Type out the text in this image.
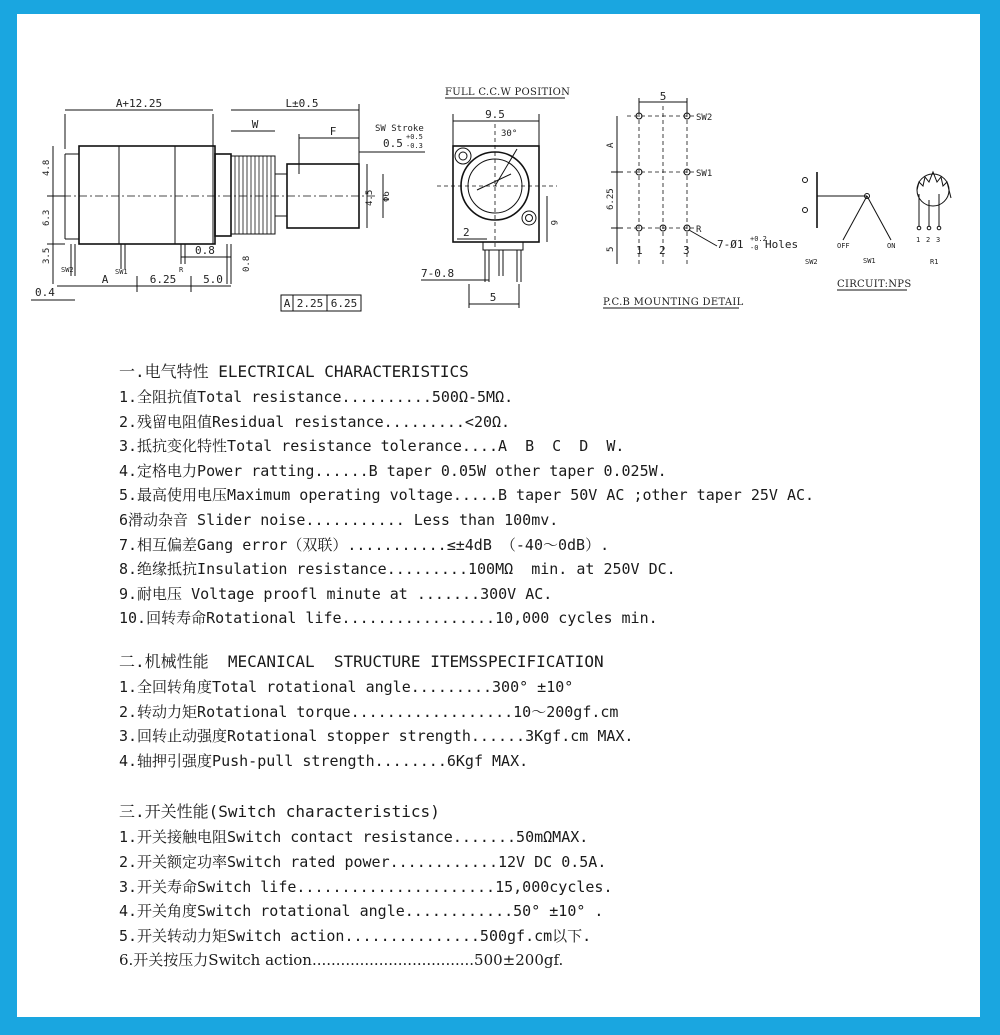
A+12.25	L±0.5
W
F	SW Stroke
+0.5
0.5 -0.3
4.5 Φ6
4.8
6.3
3.5
SW2	SW1	R
0.8
0.8
A	6.25 5.0
0.4
A 2.25 6.25
FULL C.C.W POSITION
9.5
30°
6
2
7-0.8
5
5
A
6.25
5
SW2
SW1
R
1 2 3 7-Ø1 +0.2
-0 Holes
P.C.B MOUNTING DETAIL
OFF	ON
SW2	SW1
1 2 3
R1
CIRCUIT:NPS
一.电气特性 ELECTRICAL CHARACTERISTICS
1.全阻抗值Total resistance..........500Ω-5MΩ.
2.残留电阻值Residual resistance.........<20Ω.
3.抵抗变化特性Total resistance tolerance....A  B  C  D  W.
4.定格电力Power ratting......B taper 0.05W other taper 0.025W.
5.最高使用电压Maximum operating voltage.....B taper 50V AC ;other taper 25V AC.
6滑动杂音 Slider noise........... Less than 100mv.
7.相互偏差Gang error（双联）...........≤±4dB （-40～0dB）.
8.绝缘抵抗Insulation resistance.........100MΩ  min. at 250V DC.
9.耐电压 Voltage proofl minute at .......300V AC.
10.回转寿命Rotational life.................10,000 cycles min.
二.机械性能  MECANICAL  STRUCTURE ITEMSSPECIFICATION
1.全回转角度Total rotational angle.........300° ±10°
2.转动力矩Rotational torque..................10～200gf.cm
3.回转止动强度Rotational stopper strength......3Kgf.cm MAX.
4.轴押引强度Push-pull strength........6Kgf MAX.
三.开关性能(Switch characteristics)
1.开关接触电阻Switch contact resistance.......50mΩMAX.
2.开关额定功率Switch rated power............12V DC 0.5A.
3.开关寿命Switch life......................15,000cycles.
4.开关角度Switch rotational angle............50° ±10° .
5.开关转动力矩Switch action...............500gf.cm以下.
6.开关按压力Switch action..................................500±200gf.
